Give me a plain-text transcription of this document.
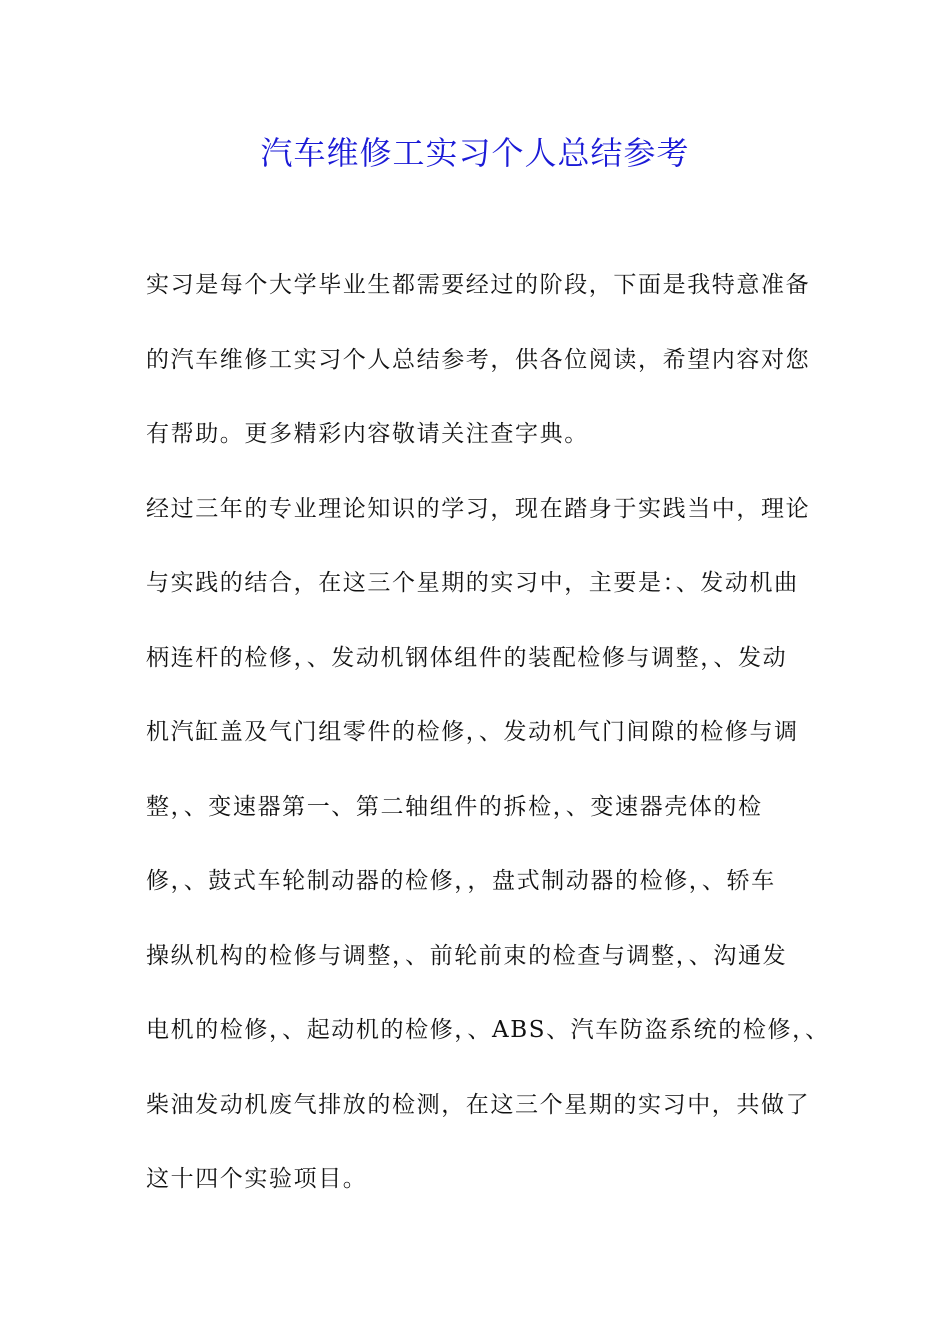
汽车维修工实习个人总结参考

实习是每个大学毕业生都需要经过的阶段，下面是我特意准备

的汽车维修工实习个人总结参考，供各位阅读，希望内容对您

有帮助。更多精彩内容敬请关注查字典。

经过三年的专业理论知识的学习，现在踏身于实践当中，理论

与实践的结合，在这三个星期的实习中，主要是：、发动机曲

柄连杆的检修，、发动机钢体组件的装配检修与调整，、发动

机汽缸盖及气门组零件的检修，、发动机气门间隙的检修与调

整，、变速器第一、第二轴组件的拆检，、变速器壳体的检

修，、鼓式车轮制动器的检修，，盘式制动器的检修，、轿车

操纵机构的检修与调整，、前轮前束的检查与调整，、沟通发

电机的检修，、起动机的检修，、ABS、汽车防盗系统的检修，、

柴油发动机废气排放的检测，在这三个星期的实习中，共做了

这十四个实验项目。
